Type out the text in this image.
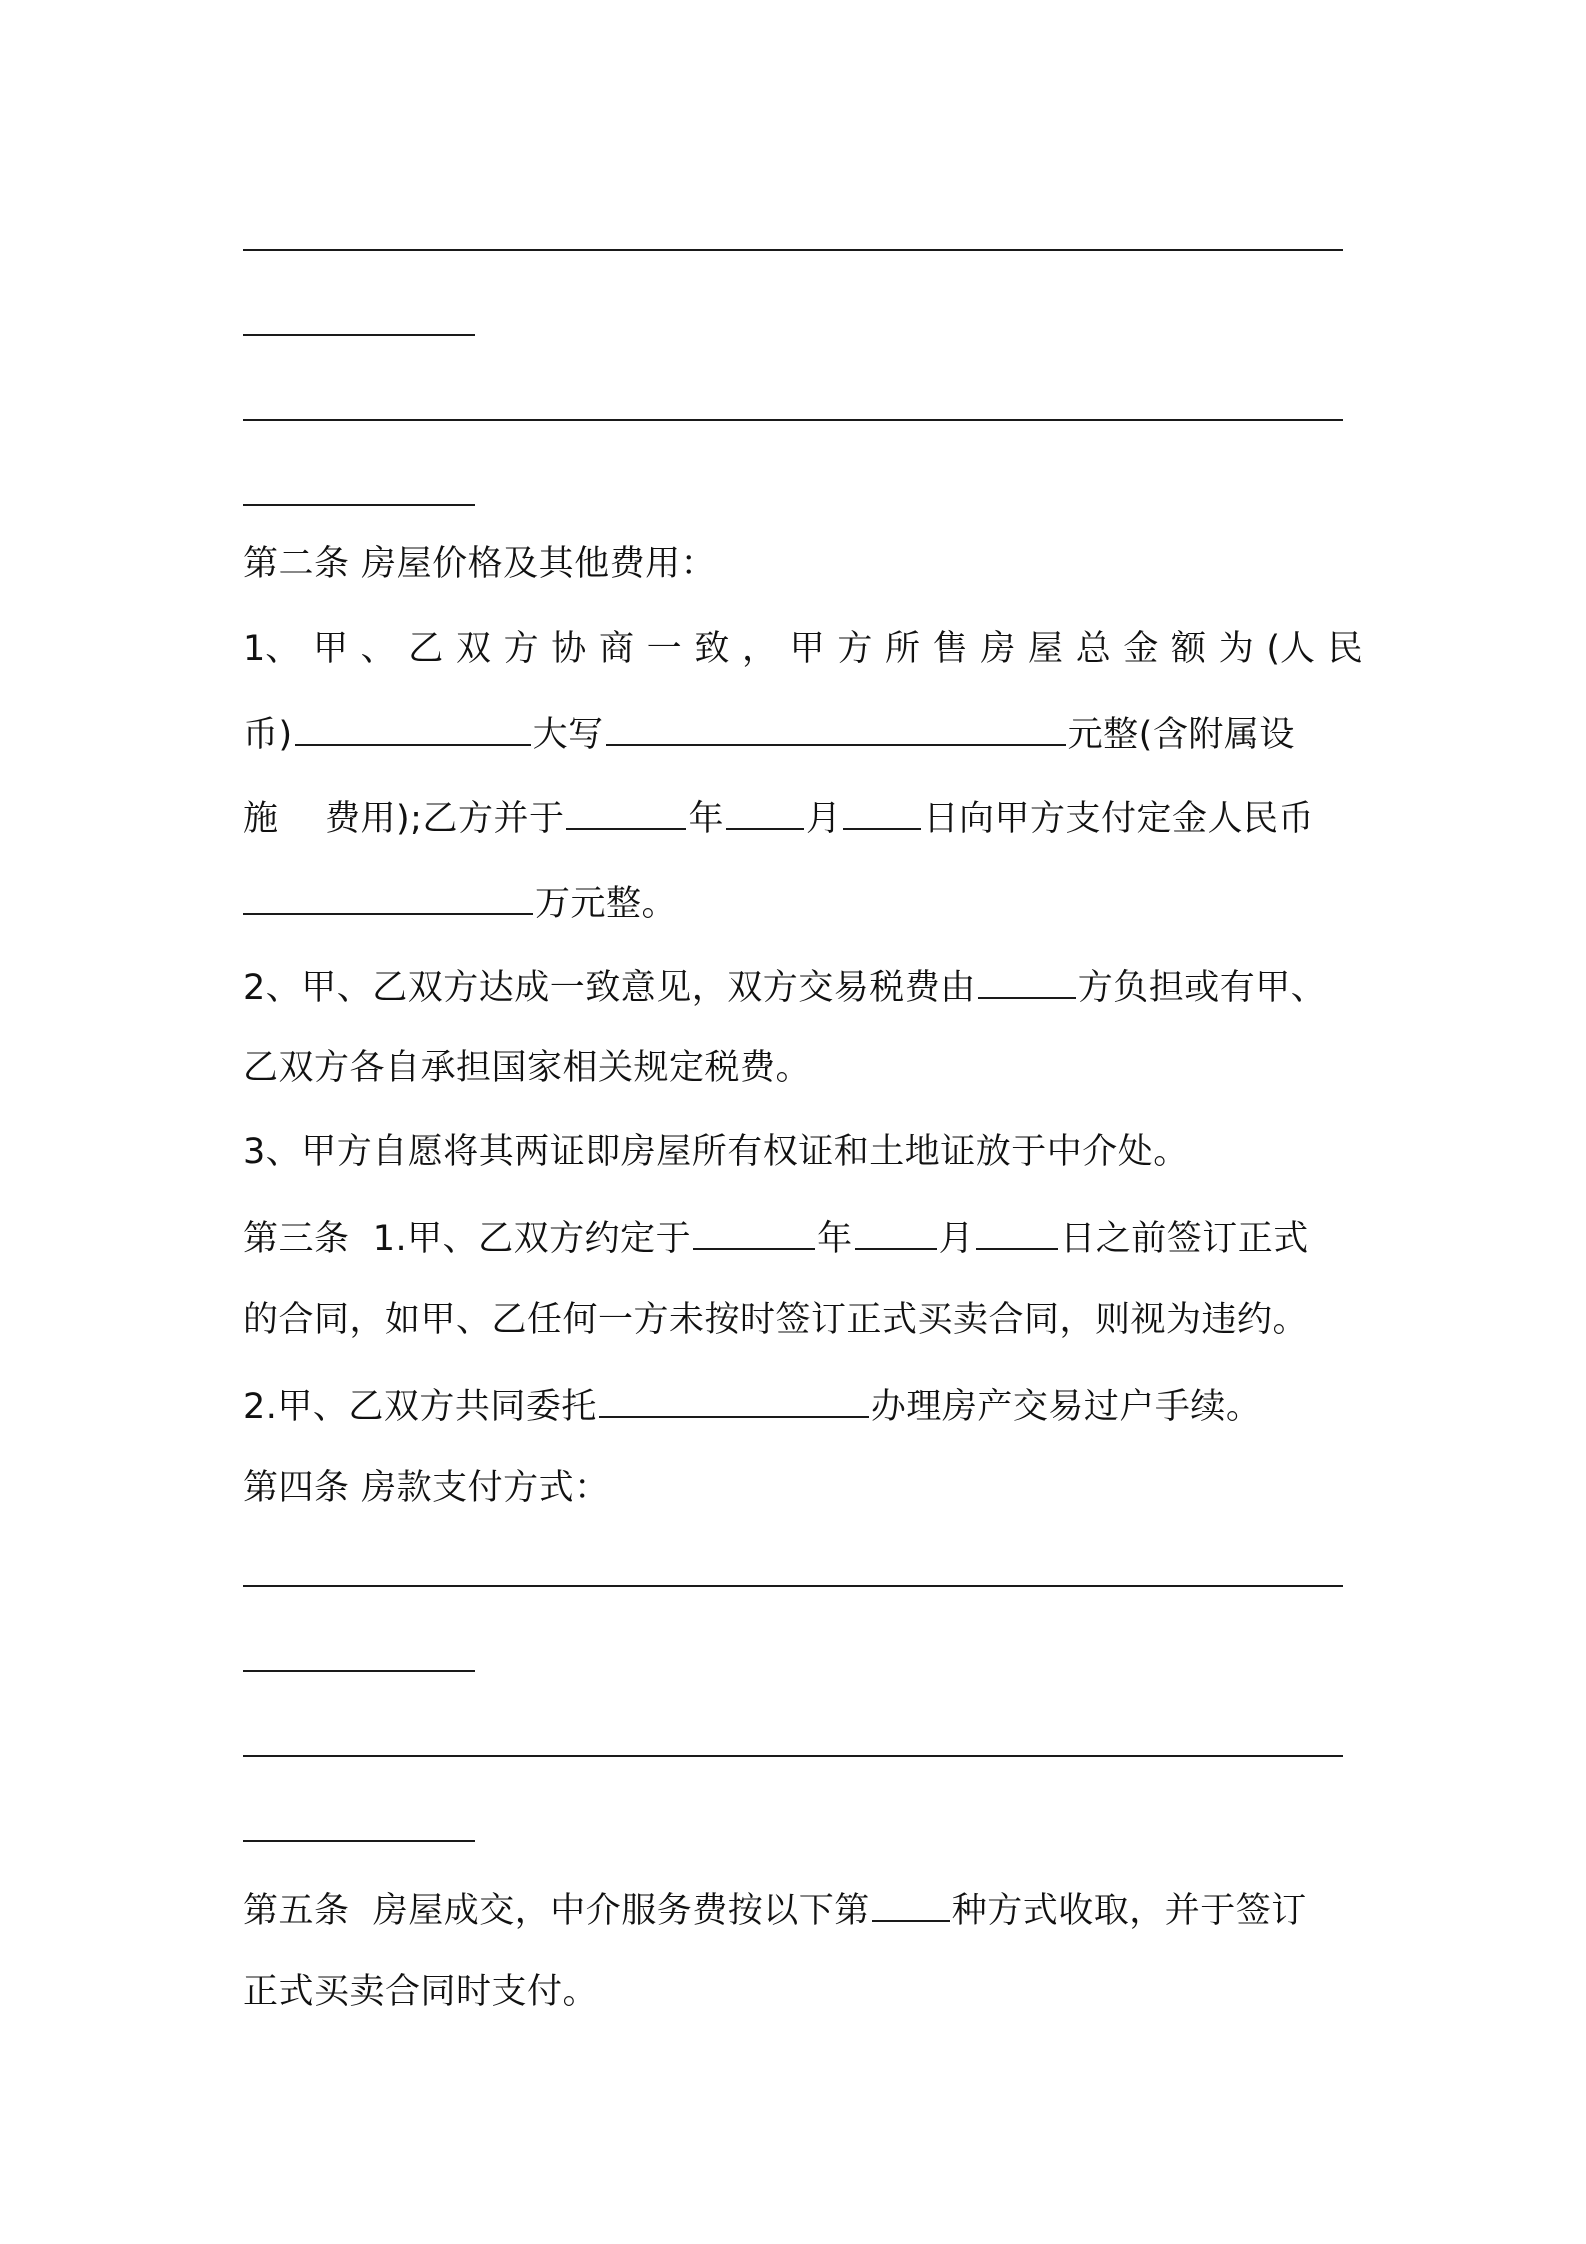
第二条 房屋价格及其他费用：
1、 甲 、 乙 双 方 协 商 一 致 ， 甲 方 所 售 房 屋 总 金 额 为 (人 民
币)	大写	元整(含附属设
施    费用);乙方并于	年 月 日向甲方支付定金人民币
万元整。
2、甲、乙双方达成一致意见，双方交易税费由	方负担或有甲、
乙双方各自承担国家相关规定税费。
3、甲方自愿将其两证即房屋所有权证和土地证放于中介处。
第三条  1.甲、乙双方约定于	年 月 日之前签订正式
的合同，如甲、乙任何一方未按时签订正式买卖合同，则视为违约。
2.甲、乙双方共同委托	办理房产交易过户手续。
第四条 房款支付方式：
第五条  房屋成交，中介服务费按以下第 种方式收取，并于签订
正式买卖合同时支付。
